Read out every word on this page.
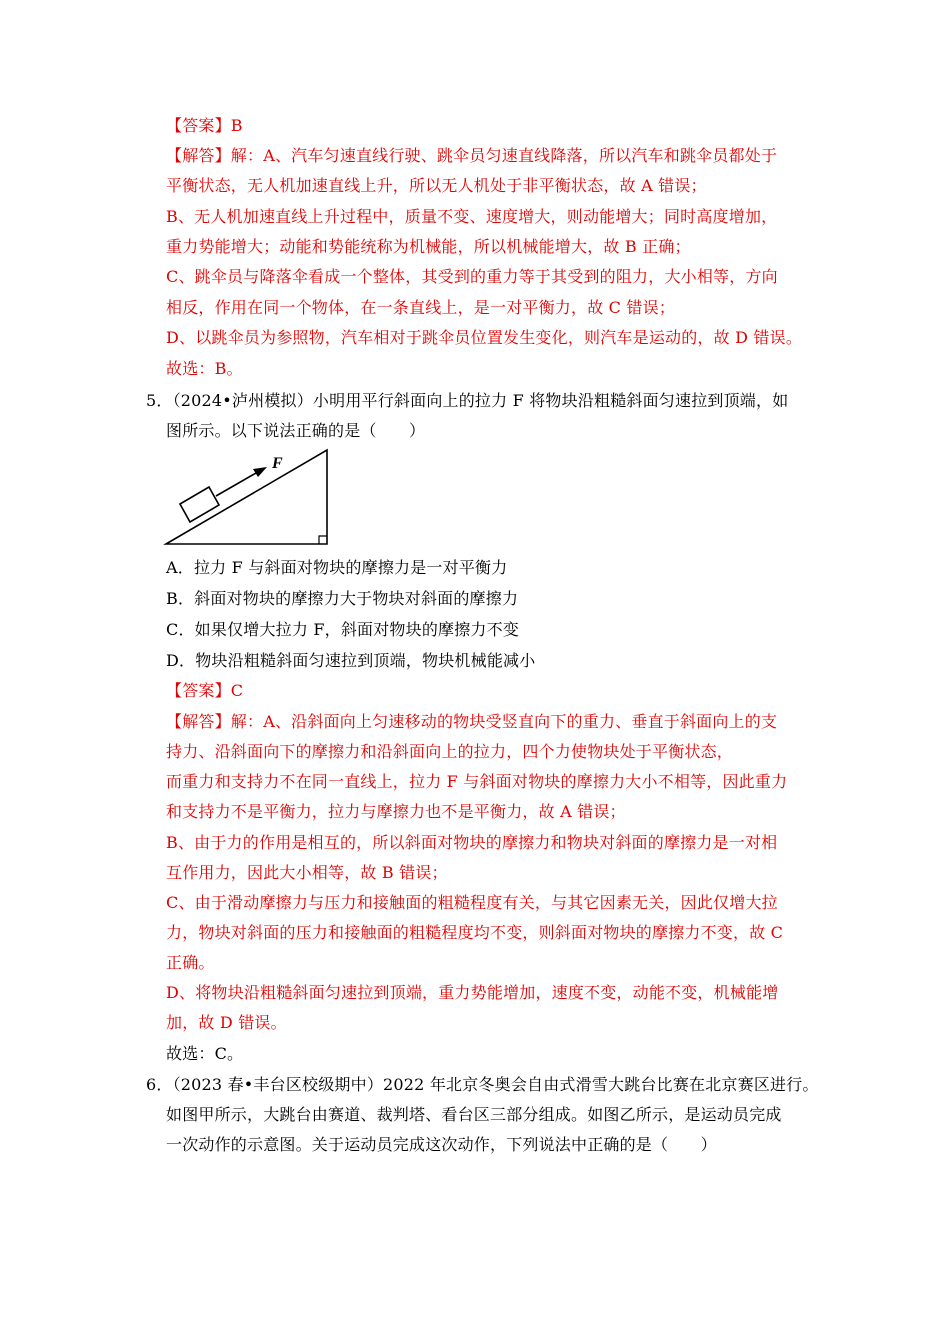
【答案】B
【解答】解：A、汽车匀速直线行驶、跳伞员匀速直线降落，所以汽车和跳伞员都处于
平衡状态，无人机加速直线上升，所以无人机处于非平衡状态，故 A 错误；
B、无人机加速直线上升过程中，质量不变、速度增大，则动能增大；同时高度增加，
重力势能增大；动能和势能统称为机械能，所以机械能增大，故 B 正确；
C、跳伞员与降落伞看成一个整体，其受到的重力等于其受到的阻力，大小相等，方向
相反，作用在同一个物体，在一条直线上，是一对平衡力，故 C 错误；
D、以跳伞员为参照物，汽车相对于跳伞员位置发生变化，则汽车是运动的，故 D 错误。
故选：B。
5．（2024•泸州模拟）小明用平行斜面向上的拉力 F 将物块沿粗糙斜面匀速拉到顶端，如
图所示。以下说法正确的是（　　）
F
A．拉力 F 与斜面对物块的摩擦力是一对平衡力
B．斜面对物块的摩擦力大于物块对斜面的摩擦力
C．如果仅增大拉力 F，斜面对物块的摩擦力不变
D．物块沿粗糙斜面匀速拉到顶端，物块机械能减小
【答案】C
【解答】解：A、沿斜面向上匀速移动的物块受竖直向下的重力、垂直于斜面向上的支
持力、沿斜面向下的摩擦力和沿斜面向上的拉力，四个力使物块处于平衡状态，
而重力和支持力不在同一直线上，拉力 F 与斜面对物块的摩擦力大小不相等，因此重力
和支持力不是平衡力，拉力与摩擦力也不是平衡力，故 A 错误；
B、由于力的作用是相互的，所以斜面对物块的摩擦力和物块对斜面的摩擦力是一对相
互作用力，因此大小相等，故 B 错误；
C、由于滑动摩擦力与压力和接触面的粗糙程度有关，与其它因素无关，因此仅增大拉
力，物块对斜面的压力和接触面的粗糙程度均不变，则斜面对物块的摩擦力不变，故 C
正确。
D、将物块沿粗糙斜面匀速拉到顶端，重力势能增加，速度不变，动能不变，机械能增
加，故 D 错误。
故选：C。
6．（2023 春•丰台区校级期中）2022 年北京冬奥会自由式滑雪大跳台比赛在北京赛区进行。
如图甲所示，大跳台由赛道、裁判塔、看台区三部分组成。如图乙所示，是运动员完成
一次动作的示意图。关于运动员完成这次动作，下列说法中正确的是（　　）
